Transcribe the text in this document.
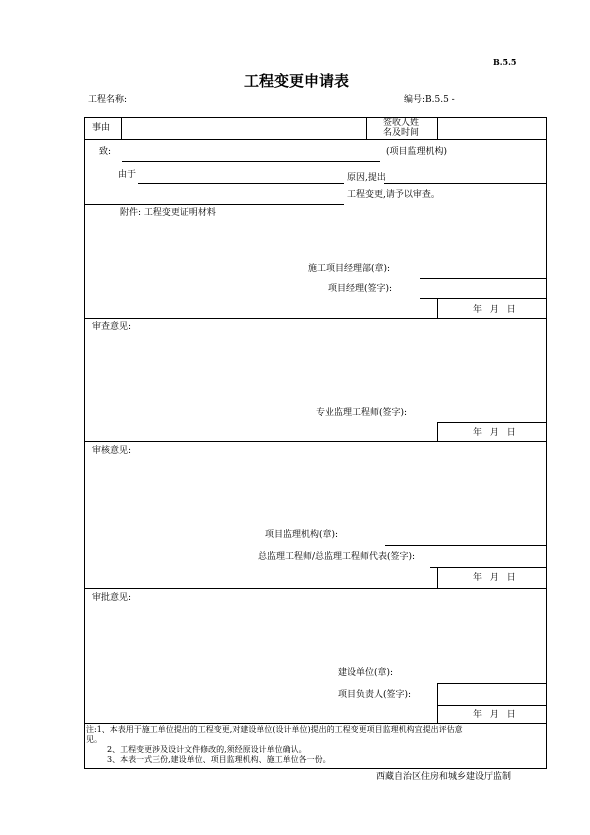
B.5.5
工程变更申请表
工程名称:	编号:B.5.5 -
事由	签收人姓
名及时间
致:	(项目监理机构)
由于	原因,提出
工程变更,请予以审查。
附件: 工程变更证明材料
施工项目经理部(章):
项目经理(签字):
年 月 日
审查意见:
专业监理工程师(签字):
年 月 日
审核意见:
项目监理机构(章):
总监理工程师/总监理工程师代表(签字):
年 月 日
审批意见:
建设单位(章):
项目负责人(签字):
年 月 日
注:1、本表用于施工单位提出的工程变更,对建设单位(设计单位)提出的工程变更项目监理机构宜提出评估意
见。
2、工程变更涉及设计文件修改的,须经原设计单位确认。
3、本表一式三份,建设单位、项目监理机构、施工单位各一份。
西藏自治区住房和城乡建设厅监制
